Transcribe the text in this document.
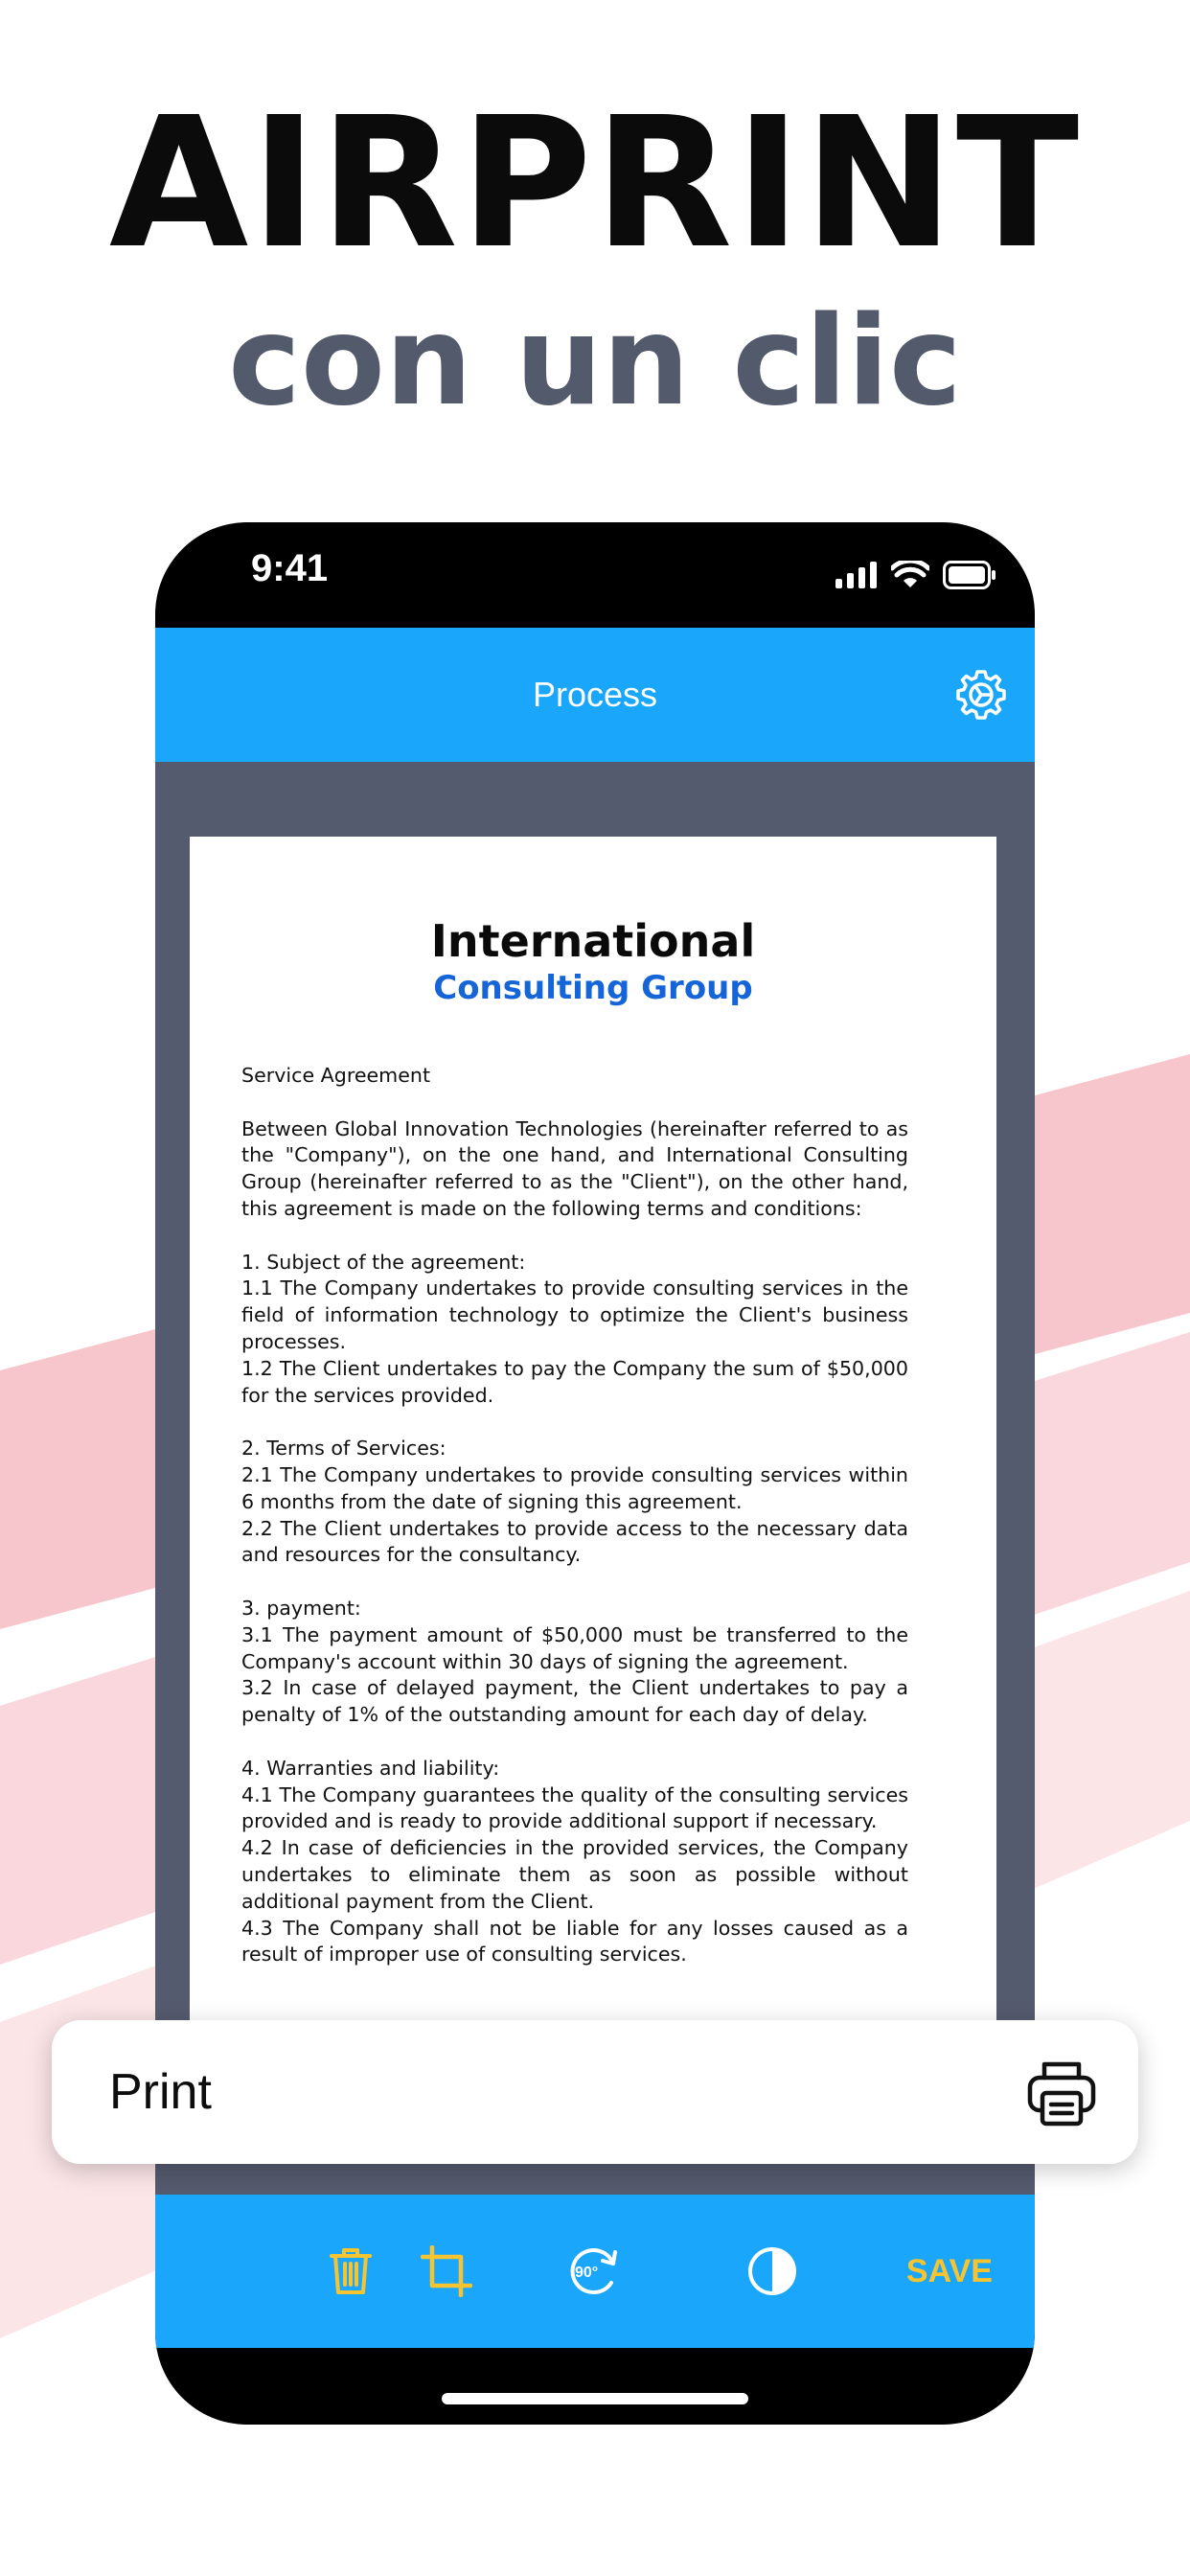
AIRPRINT
con un clic
9:41
Process
International
Consulting Group

Service Agreement

Between Global Innovation Technologies (hereinafter referred to as the "Company"), on the one hand, and International Consulting Group (hereinafter referred to as the "Client"), on the other hand, this agreement is made on the following terms and conditions:

1. Subject of the agreement:

1.1 The Company undertakes to provide consulting services in the field of information technology to optimize the Client's business processes.

1.2 The Client undertakes to pay the Company the sum of $50,000 for the services provided.

2. Terms of Services:

2.1 The Company undertakes to provide consulting services within 6 months from the date of signing this agreement.

2.2 The Client undertakes to provide access to the necessary data and resources for the consultancy.

3. payment:

3.1 The payment amount of $50,000 must be transferred to the Company's account within 30 days of signing the agreement.

3.2 In case of delayed payment, the Client undertakes to pay a penalty of 1% of the outstanding amount for each day of delay.

4. Warranties and liability:

4.1 The Company guarantees the quality of the consulting services provided and is ready to provide additional support if necessary.

4.2 In case of deficiencies in the provided services, the Company undertakes to eliminate them as soon as possible without additional payment from the Client.

4.3 The Company shall not be liable for any losses caused as a result of improper use of consulting services.

90°	SAVE
Print
